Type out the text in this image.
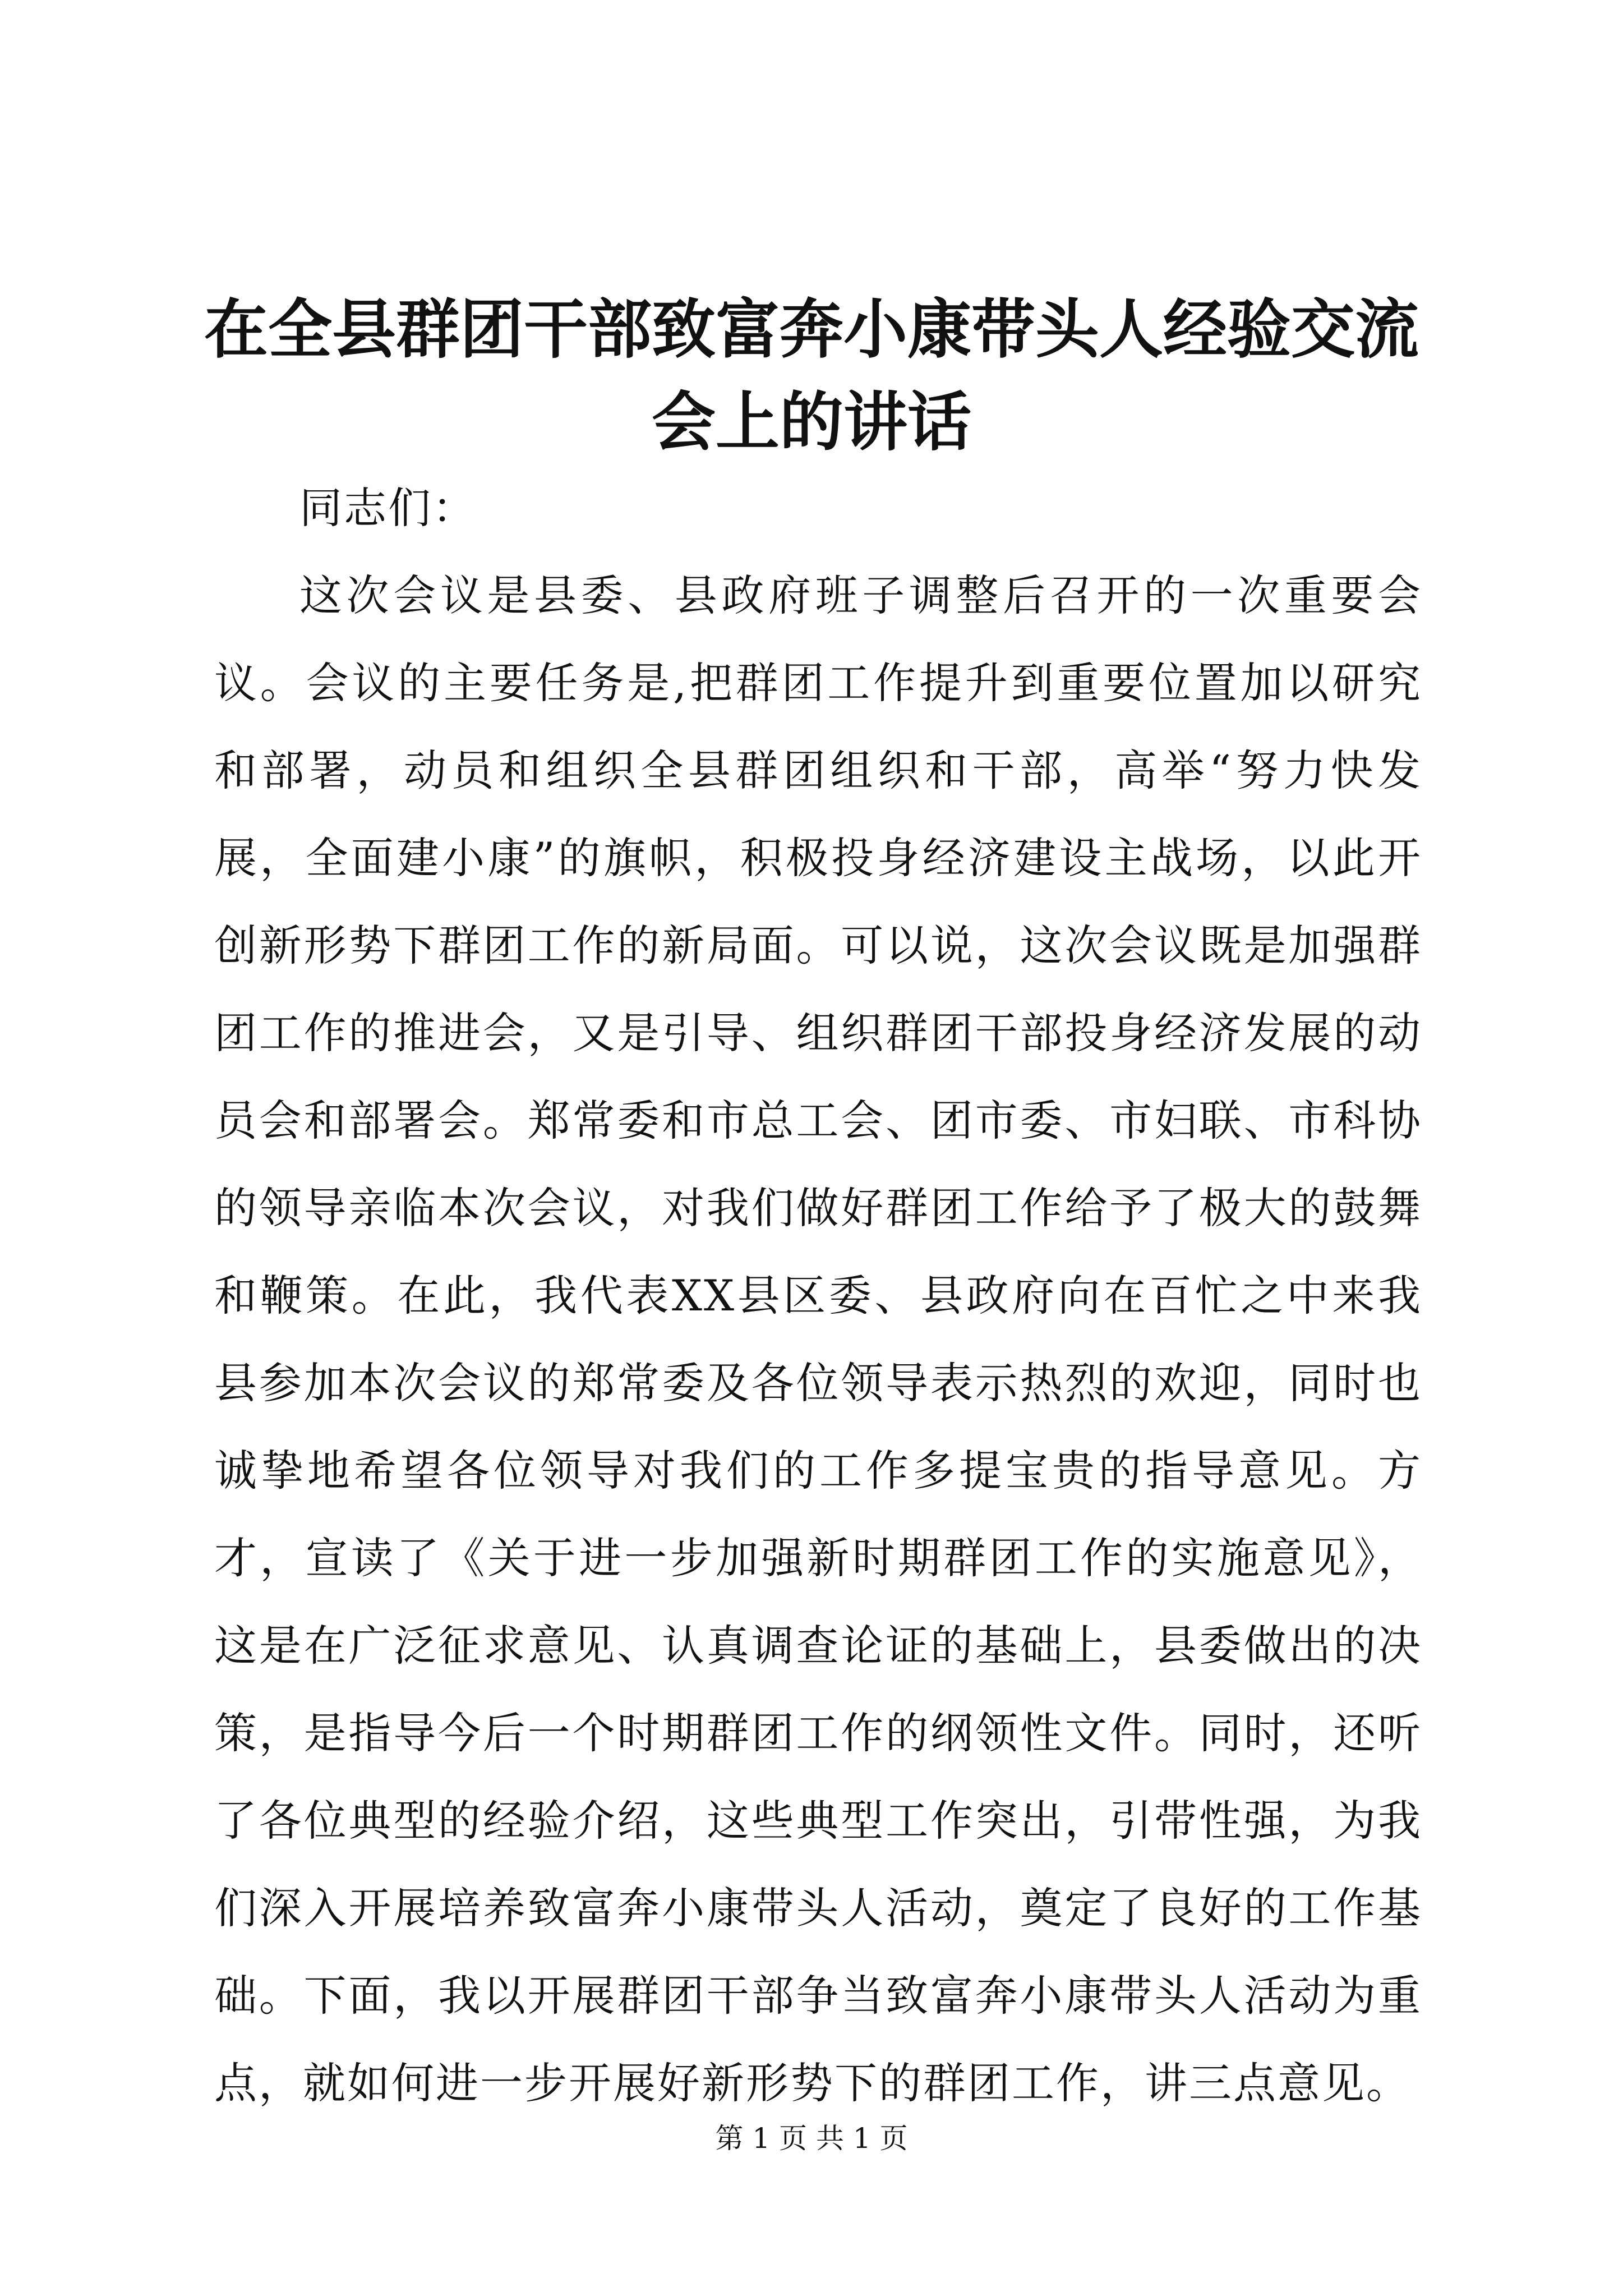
在全县群团干部致富奔小康带头人经验交流会上的讲话

同志们：

这次会议是县委、县政府班子调整后召开的一次重要会议。会议的主要任务是,把群团工作提升到重要位置加以研究和部署，动员和组织全县群团组织和干部，高举“努力快发展，全面建小康”的旗帜，积极投身经济建设主战场，以此开创新形势下群团工作的新局面。可以说，这次会议既是加强群团工作的推进会，又是引导、组织群团干部投身经济发展的动员会和部署会。郑常委和市总工会、团市委、市妇联、市科协的领导亲临本次会议，对我们做好群团工作给予了极大的鼓舞和鞭策。在此，我代表XX县区委、县政府向在百忙之中来我县参加本次会议的郑常委及各位领导表示热烈的欢迎，同时也诚挚地希望各位领导对我们的工作多提宝贵的指导意见。方才，宣读了《关于进一步加强新时期群团工作的实施意见》，这是在广泛征求意见、认真调查论证的基础上，县委做出的决策，是指导今后一个时期群团工作的纲领性文件。同时，还听了各位典型的经验介绍，这些典型工作突出，引带性强，为我们深入开展培养致富奔小康带头人活动，奠定了良好的工作基础。下面，我以开展群团干部争当致富奔小康带头人活动为重点，就如何进一步开展好新形势下的群团工作，讲三点意见。

第 1 页 共 1 页
